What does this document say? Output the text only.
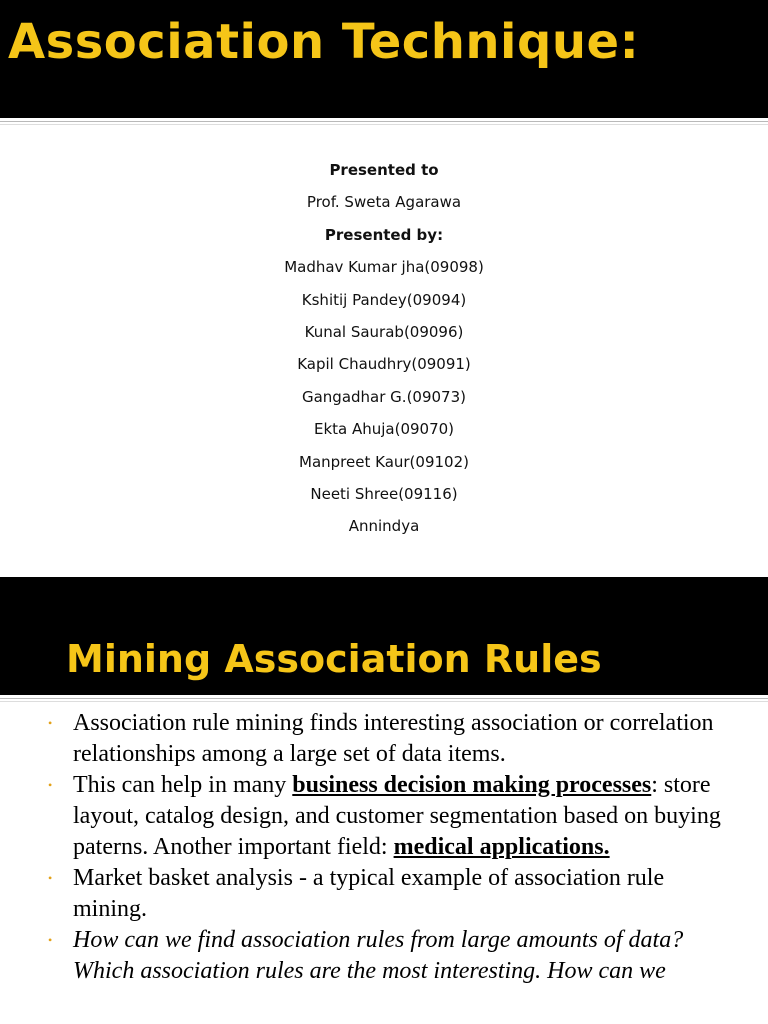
Association Technique:
Presented to
Prof. Sweta Agarawa
Presented by:
Madhav Kumar jha(09098)
Kshitij Pandey(09094)
Kunal Saurab(09096)
Kapil Chaudhry(09091)
Gangadhar G.(09073)
Ekta Ahuja(09070)
Manpreet Kaur(09102)
Neeti Shree(09116)
Annindya
Mining Association Rules
• Association rule mining finds interesting association or correlation relationships among a large set of data items.
• This can help in many business decision making processes: store layout, catalog design, and customer segmentation based on buying paterns. Another important field: medical applications.
• Market basket analysis - a typical example of association rule mining.
• How can we find association rules from large amounts of data? Which association rules are the most interesting. How can we
